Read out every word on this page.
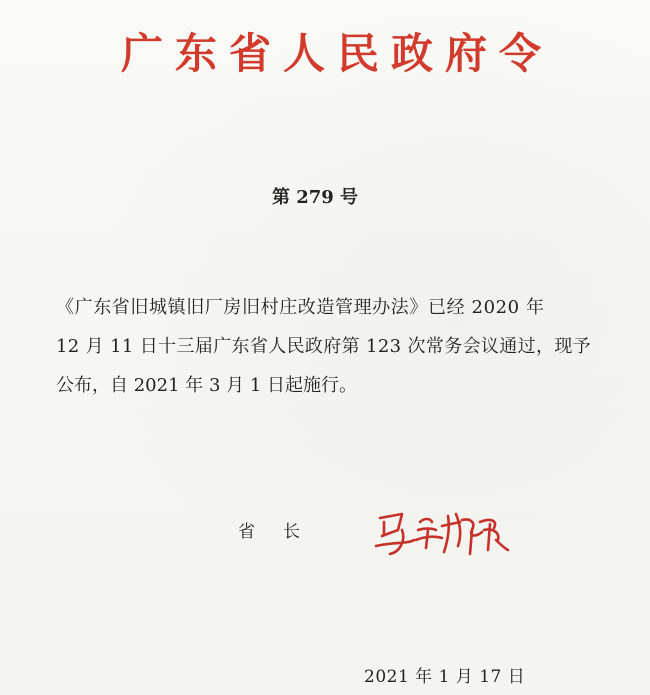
广东省人民政府令
第 279 号
《广东省旧城镇旧厂房旧村庄改造管理办法》已经 2020 年
12 月 11 日十三届广东省人民政府第 123 次常务会议通过，现予
公布，自 2021 年 3 月 1 日起施行。
省长
2021 年 1 月 17 日
